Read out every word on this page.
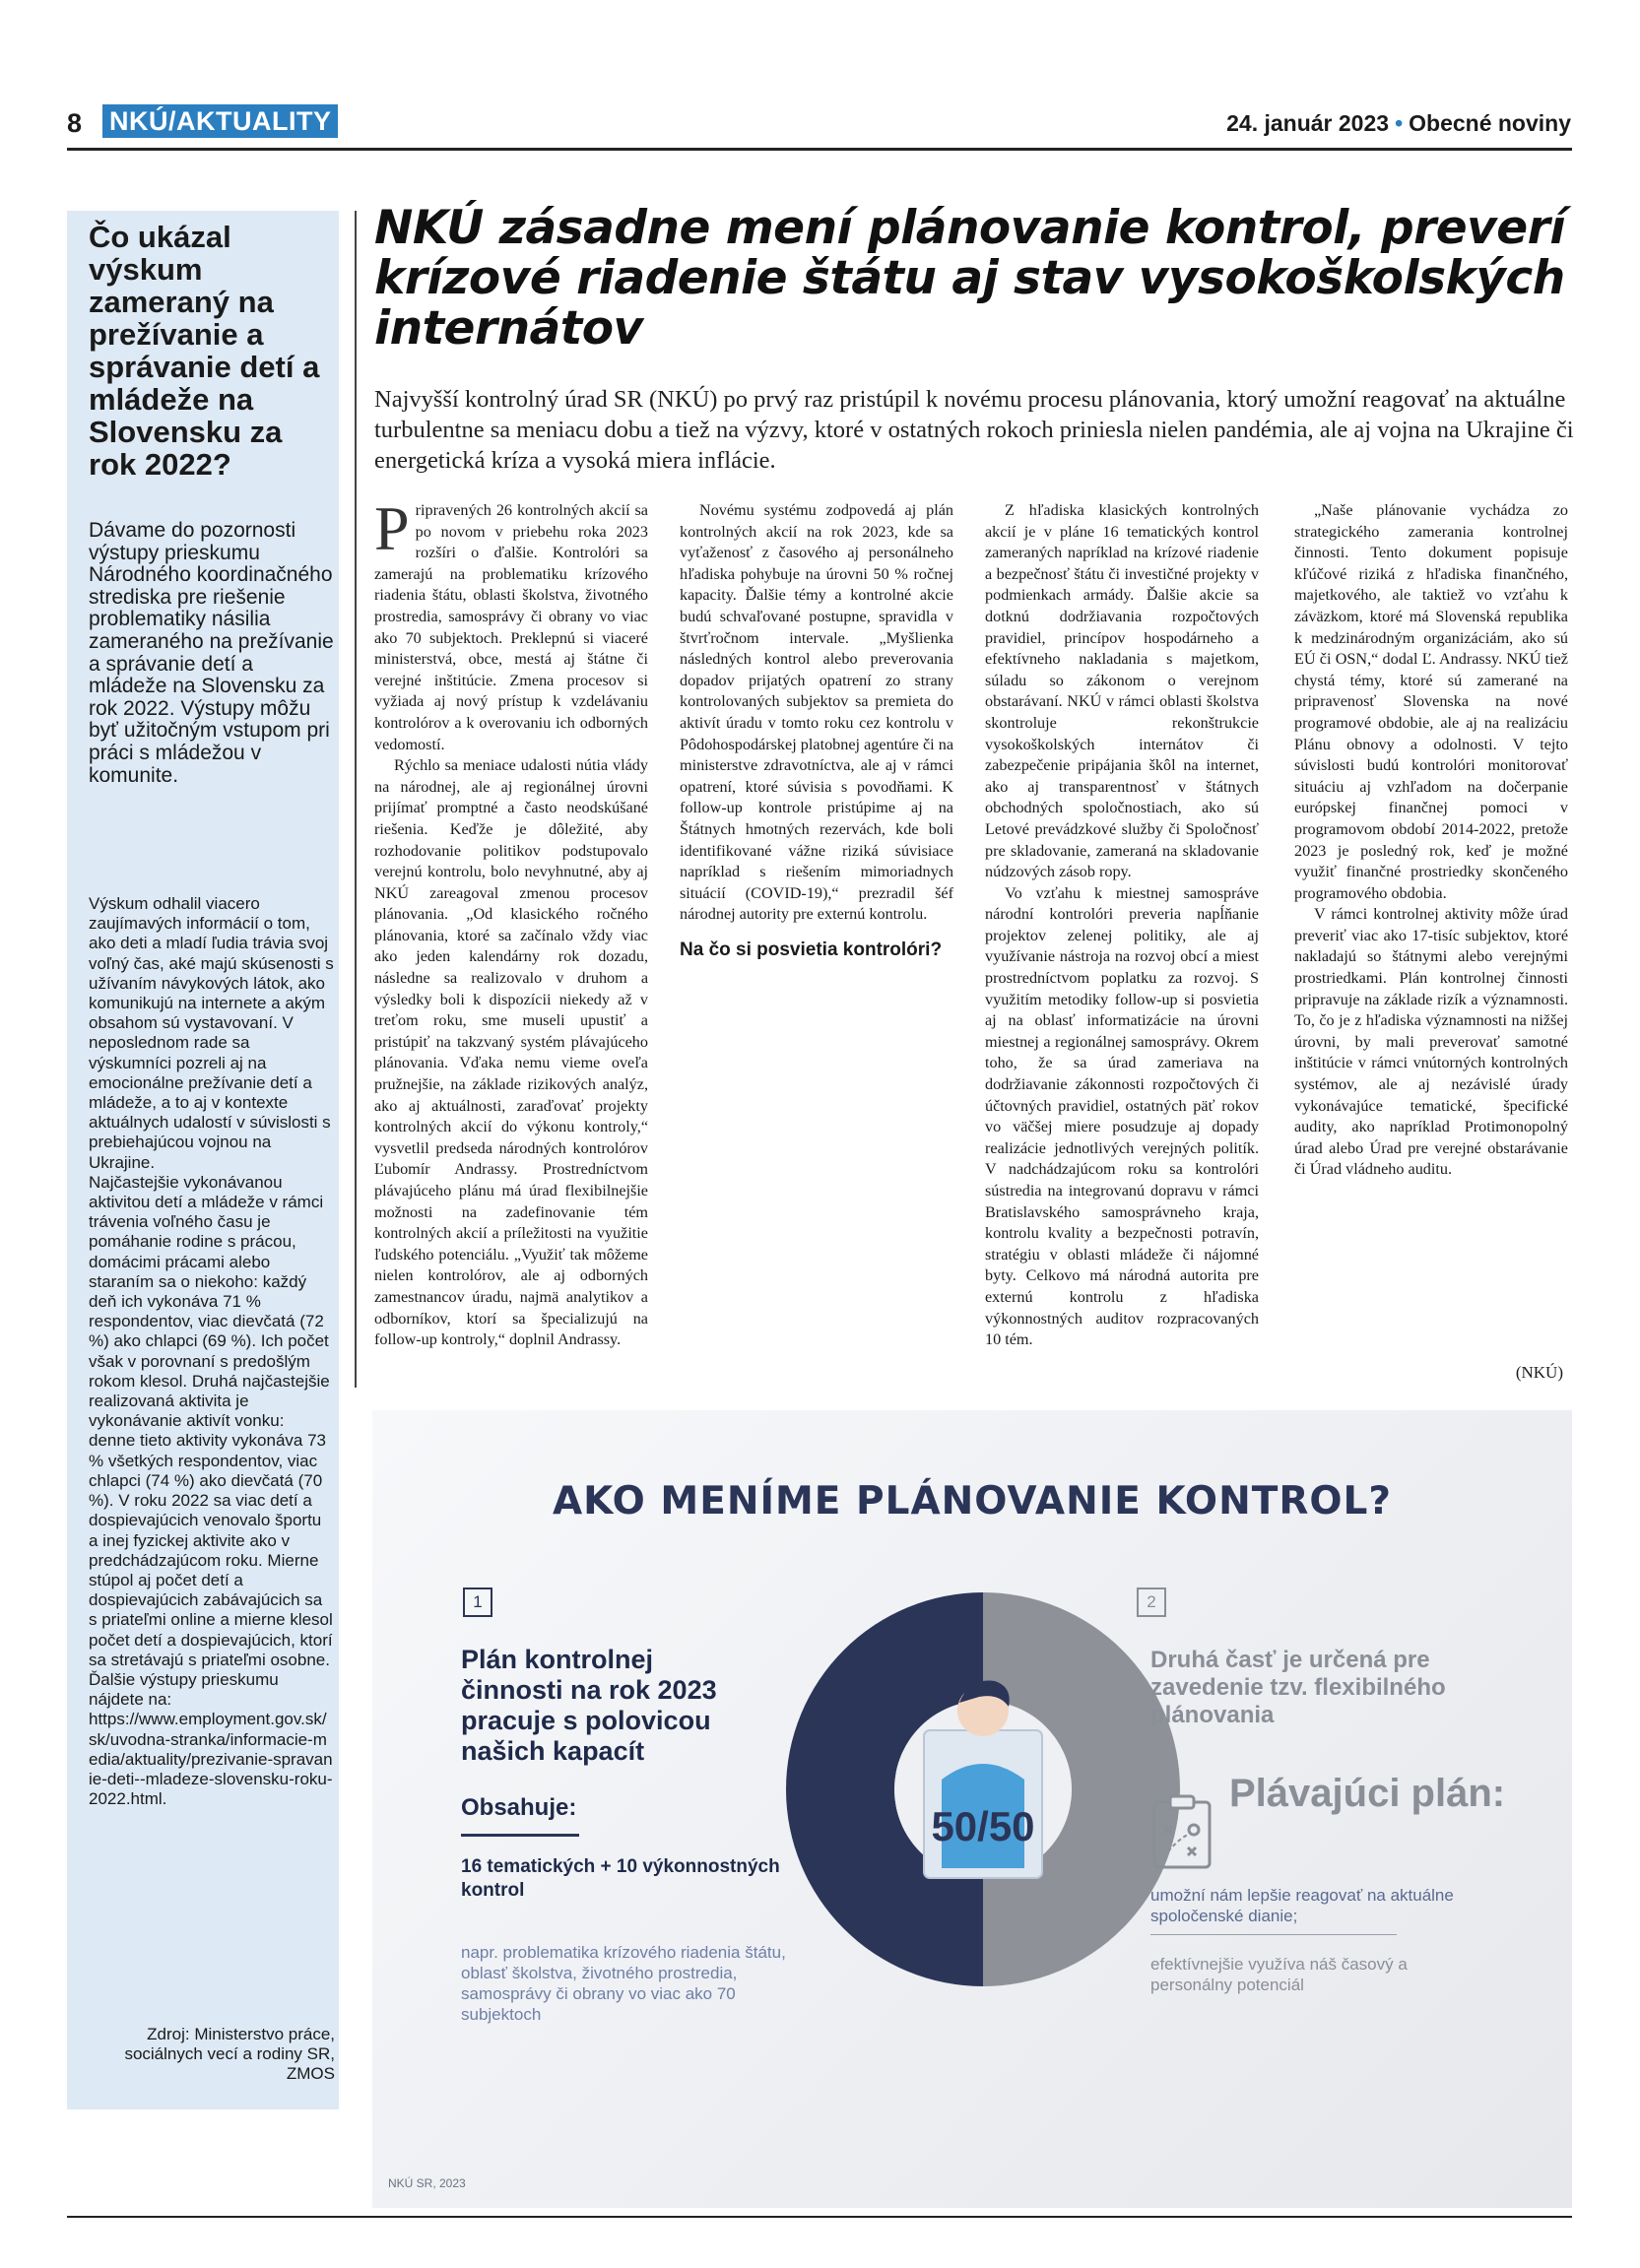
8 NKÚ/AKTUALITY	24. január 2023 • Obecné noviny
Čo ukázal výskum zameraný na prežívanie a správanie detí a mládeže na Slovensku za rok 2022?
Dávame do pozornosti výstupy prieskumu Národného koordinačného strediska pre riešenie problematiky násilia zameraného na prežívanie a správanie detí a mládeže na Slovensku za rok 2022. Výstupy môžu byť užitočným vstupom pri práci s mládežou v komunite.

Výskum odhalil viacero zaujímavých informácií o tom, ako deti a mladí ľudia trávia svoj voľný čas, aké majú skúsenosti s užívaním návykových látok, ako komunikujú na internete a akým obsahom sú vystavovaní. V neposlednom rade sa výskumníci pozreli aj na emocionálne prežívanie detí a mládeže, a to aj v kontexte aktuálnych udalostí v súvislosti s prebiehajúcou vojnou na Ukrajine.

Najčastejšie vykonávanou aktivitou detí a mládeže v rámci trávenia voľného času je pomáhanie rodine s prácou, domácimi prácami alebo staraním sa o niekoho: každý deň ich vykonáva 71 % respondentov, viac dievčatá (72 %) ako chlapci (69 %). Ich počet však v porovnaní s predošlým rokom klesol. Druhá najčastejšie realizovaná aktivita je vykonávanie aktivít vonku: denne tieto aktivity vykonáva 73 % všetkých respondentov, viac chlapci (74 %) ako dievčatá (70 %). V roku 2022 sa viac detí a dospievajúcich venovalo športu a inej fyzickej aktivite ako v predchádzajúcom roku. Mierne stúpol aj počet detí a dospievajúcich zabávajúcich sa s priateľmi online a mierne klesol počet detí a dospievajúcich, ktorí sa stretávajú s priateľmi osobne.

Ďalšie výstupy prieskumu nájdete na:

https://www.employment.gov.sk/sk/uvodna-stranka/informacie-media/aktuality/prezivanie-spravanie-deti--mladeze-slovensku-roku-2022.html.

Zdroj: Ministerstvo práce, sociálnych vecí a rodiny SR, ZMOS
NKÚ zásadne mení plánovanie kontrol, preverí krízové riadenie štátu aj stav vysokoškolských internátov
Najvyšší kontrolný úrad SR (NKÚ) po prvý raz pristúpil k novému procesu plánovania, ktorý umožní reagovať na aktuálne turbulentne sa meniacu dobu a tiež na výzvy, ktoré v ostatných rokoch priniesla nielen pandémia, ale aj vojna na Ukrajine či energetická kríza a vysoká miera inflácie.

Pripravených 26 kontrolných akcií sa po novom v priebehu roka 2023 rozšíri o ďalšie. Kontrolóri sa zamerajú na problematiku krízového riadenia štátu, oblasti školstva, životného prostredia, samosprávy či obrany vo viac ako 70 subjektoch. Preklepnú si viaceré ministerstvá, obce, mestá aj štátne či verejné inštitúcie. Zmena procesov si vyžiada aj nový prístup k vzdelávaniu kontrolórov a k overovaniu ich odborných vedomostí.

Rýchlo sa meniace udalosti nútia vlády na národnej, ale aj regionálnej úrovni prijímať promptné a často neodskúšané riešenia. Keďže je dôležité, aby rozhodovanie politikov podstupovalo verejnú kontrolu, bolo nevyhnutné, aby aj NKÚ zareagoval zmenou procesov plánovania. „Od klasického ročného plánovania, ktoré sa začínalo vždy viac ako jeden kalendárny rok dozadu, následne sa realizovalo v druhom a výsledky boli k dispozícii niekedy až v treťom roku, sme museli upustiť a pristúpiť na takzvaný systém plávajúceho plánovania. Vďaka nemu vieme oveľa pružnejšie, na základe rizikových analýz, ako aj aktuálnosti, zaraďovať projekty kontrolných akcií do výkonu kontroly,“ vysvetlil predseda národných kontrolórov Ľubomír Andrassy. Prostredníctvom plávajúceho plánu má úrad flexibilnejšie možnosti na zadefinovanie tém kontrolných akcií a príležitosti na využitie ľudského potenciálu. „Využiť tak môžeme nielen kontrolórov, ale aj odborných zamestnancov úradu, najmä analytikov a odborníkov, ktorí sa špecializujú na follow-up kontroly,“ doplnil Andrassy.

Novému systému zodpovedá aj plán kontrolných akcií na rok 2023, kde sa vyťaženosť z časového aj personálneho hľadiska pohybuje na úrovni 50 % ročnej kapacity. Ďalšie témy a kontrolné akcie budú schvaľované postupne, spravidla v štvrťročnom intervale. „Myšlienka následných kontrol alebo preverovania dopadov prijatých opatrení zo strany kontrolovaných subjektov sa premieta do aktivít úradu v tomto roku cez kontrolu v Pôdohospodárskej platobnej agentúre či na ministerstve zdravotníctva, ale aj v rámci opatrení, ktoré súvisia s povodňami. K follow-up kontrole pristúpime aj na Štátnych hmotných rezervách, kde boli identifikované vážne riziká súvisiace napríklad s riešením mimoriadnych situácií (COVID-19),“ prezradil šéf národnej autority pre externú kontrolu.

Na čo si posvietia kontrolóri?

Z hľadiska klasických kontrolných akcií je v pláne 16 tematických kontrol zameraných napríklad na krízové riadenie a bezpečnosť štátu či investičné projekty v podmienkach armády. Ďalšie akcie sa dotknú dodržiavania rozpočtových pravidiel, princípov hospodárneho a efektívneho nakladania s majetkom, súladu so zákonom o verejnom obstarávaní. NKÚ v rámci oblasti školstva skontroluje rekonštrukcie vysokoškolských internátov či zabezpečenie pripájania škôl na internet, ako aj transparentnosť v štátnych obchodných spoločnostiach, ako sú Letové prevádzkové služby či Spoločnosť pre skladovanie, zameraná na skladovanie núdzových zásob ropy.

Vo vzťahu k miestnej samospráve národní kontrolóri preveria napĺňanie projektov zelenej politiky, ale aj využívanie nástroja na rozvoj obcí a miest prostredníctvom poplatku za rozvoj. S využitím metodiky follow-up si posvietia aj na oblasť informatizácie na úrovni miestnej a regionálnej samosprávy. Okrem toho, že sa úrad zameriava na dodržiavanie zákonnosti rozpočtových či účtovných pravidiel, ostatných päť rokov vo väčšej miere posudzuje aj dopady realizácie jednotlivých verejných politík. V nadchádzajúcom roku sa kontrolóri sústredia na integrovanú dopravu v rámci Bratislavského samosprávneho kraja, kontrolu kvality a bezpečnosti potravín, stratégiu v oblasti mládeže či nájomné byty. Celkovo má národná autorita pre externú kontrolu z hľadiska výkonnostných auditov rozpracovaných 10 tém.

„Naše plánovanie vychádza zo strategického zamerania kontrolnej činnosti. Tento dokument popisuje kľúčové riziká z hľadiska finančného, majetkového, ale taktiež vo vzťahu k záväzkom, ktoré má Slovenská republika k medzinárodným organizáciám, ako sú EÚ či OSN,“ dodal Ľ. Andrassy. NKÚ tiež chystá témy, ktoré sú zamerané na pripravenosť Slovenska na nové programové obdobie, ale aj na realizáciu Plánu obnovy a odolnosti. V tejto súvislosti budú kontrolóri monitorovať situáciu aj vzhľadom na dočerpanie európskej finančnej pomoci v programovom období 2014-2022, pretože 2023 je posledný rok, keď je možné využiť finančné prostriedky skončeného programového obdobia.

V rámci kontrolnej aktivity môže úrad preveriť viac ako 17-tisíc subjektov, ktoré nakladajú so štátnymi alebo verejnými prostriedkami. Plán kontrolnej činnosti pripravuje na základe rizík a významnosti. To, čo je z hľadiska významnosti na nižšej úrovni, by mali preverovať samotné inštitúcie v rámci vnútorných kontrolných systémov, ale aj nezávislé úrady vykonávajúce tematické, špecifické audity, ako napríklad Protimonopolný úrad alebo Úrad pre verejné obstarávanie či Úrad vládneho auditu.

(NKÚ)
AKO MENÍME PLÁNOVANIE KONTROL?
50/50
1	2
Plán kontrolnej činnosti na rok 2023 pracuje s polovicou našich kapacít
Obsahuje:
16 tematických + 10 výkonnostných kontrol
napr. problematika krízového riadenia štátu, oblasť školstva, životného prostredia, samosprávy či obrany vo viac ako 70 subjektoch
Druhá časť je určená pre zavedenie tzv. flexibilného plánovania
Plávajúci plán:
umožní nám lepšie reagovať na aktuálne spoločenské dianie;
efektívnejšie využíva náš časový a personálny potenciál
NKÚ SR, 2023
